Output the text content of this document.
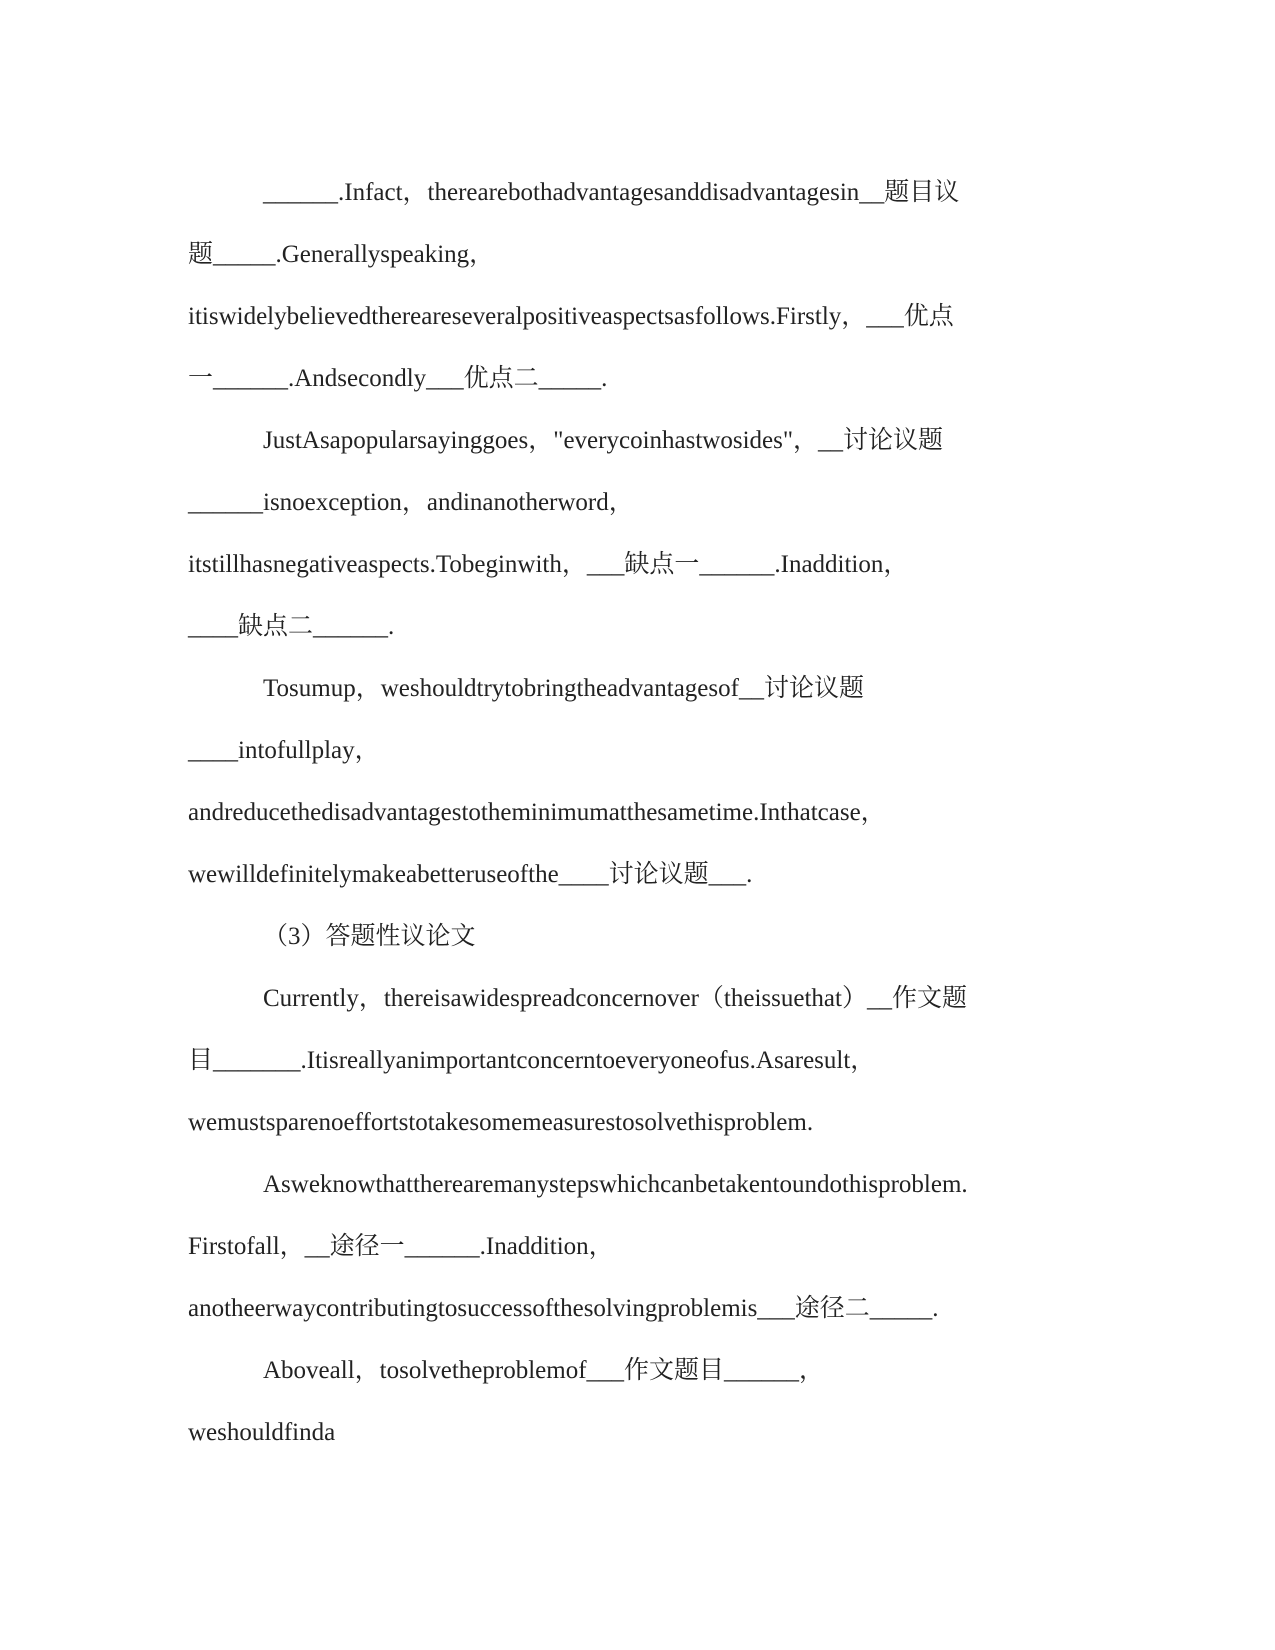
______.Infact，therearebothadvantagesanddisadvantagesin__题目议
题_____.Generallyspeaking，
itiswidelybelievedthereareseveralpositiveaspectsasfollows.Firstly，___优点
一______.Andsecondly___优点二_____.
JustAsapopularsayinggoes，"everycoinhastwosides"，__讨论议题
______isnoexception，andinanotherword，
itstillhasnegativeaspects.Tobeginwith，___缺点一______.Inaddition，
____缺点二______.
Tosumup，weshouldtrytobringtheadvantagesof__讨论议题
____intofullplay，
andreducethedisadvantagestotheminimumatthesametime.Inthatcase，
wewilldefinitelymakeabetteruseofthe____讨论议题___.
（3）答题性议论文
Currently，thereisawidespreadconcernover（theissuethat）__作文题
目_______.Itisreallyanimportantconcerntoeveryoneofus.Asaresult，
wemustsparenoeffortstotakesomemeasurestosolvethisproblem.
Asweknowthattherearemanystepswhichcanbetakentoundothisproblem.
Firstofall，__途径一______.Inaddition，
anotheerwaycontributingtosuccessofthesolvingproblemis___途径二_____.
Aboveall，tosolvetheproblemof___作文题目______，
weshouldfinda
